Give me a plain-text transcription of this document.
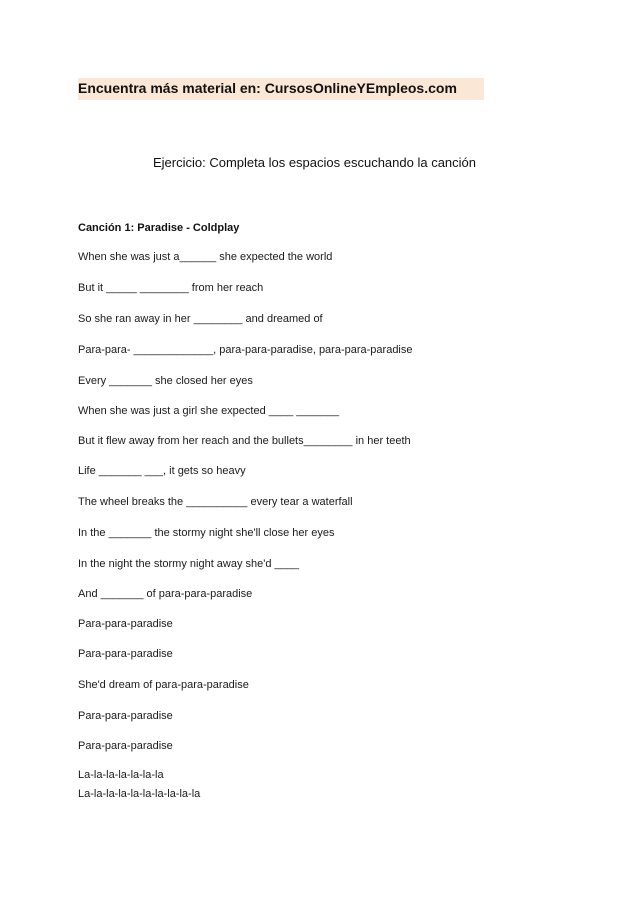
Encuentra más material en: CursosOnlineYEmpleos.com
Ejercicio: Completa los espacios escuchando la canción
Canción 1: Paradise - Coldplay
When she was just a______ she expected the world
But it _____ ________ from her reach
So she ran away in her ________ and dreamed of
Para-para- _____________, para-para-paradise, para-para-paradise
Every _______ she closed her eyes
When she was just a girl she expected ____ _______
But it flew away from her reach and the bullets________ in her teeth
Life _______ ___, it gets so heavy
The wheel breaks the __________ every tear a waterfall
In the _______ the stormy night she'll close her eyes
In the night the stormy night away she'd ____
And _______ of para-para-paradise
Para-para-paradise
Para-para-paradise
She'd dream of para-para-paradise
Para-para-paradise
Para-para-paradise
La-la-la-la-la-la-la
La-la-la-la-la-la-la-la-la-la
